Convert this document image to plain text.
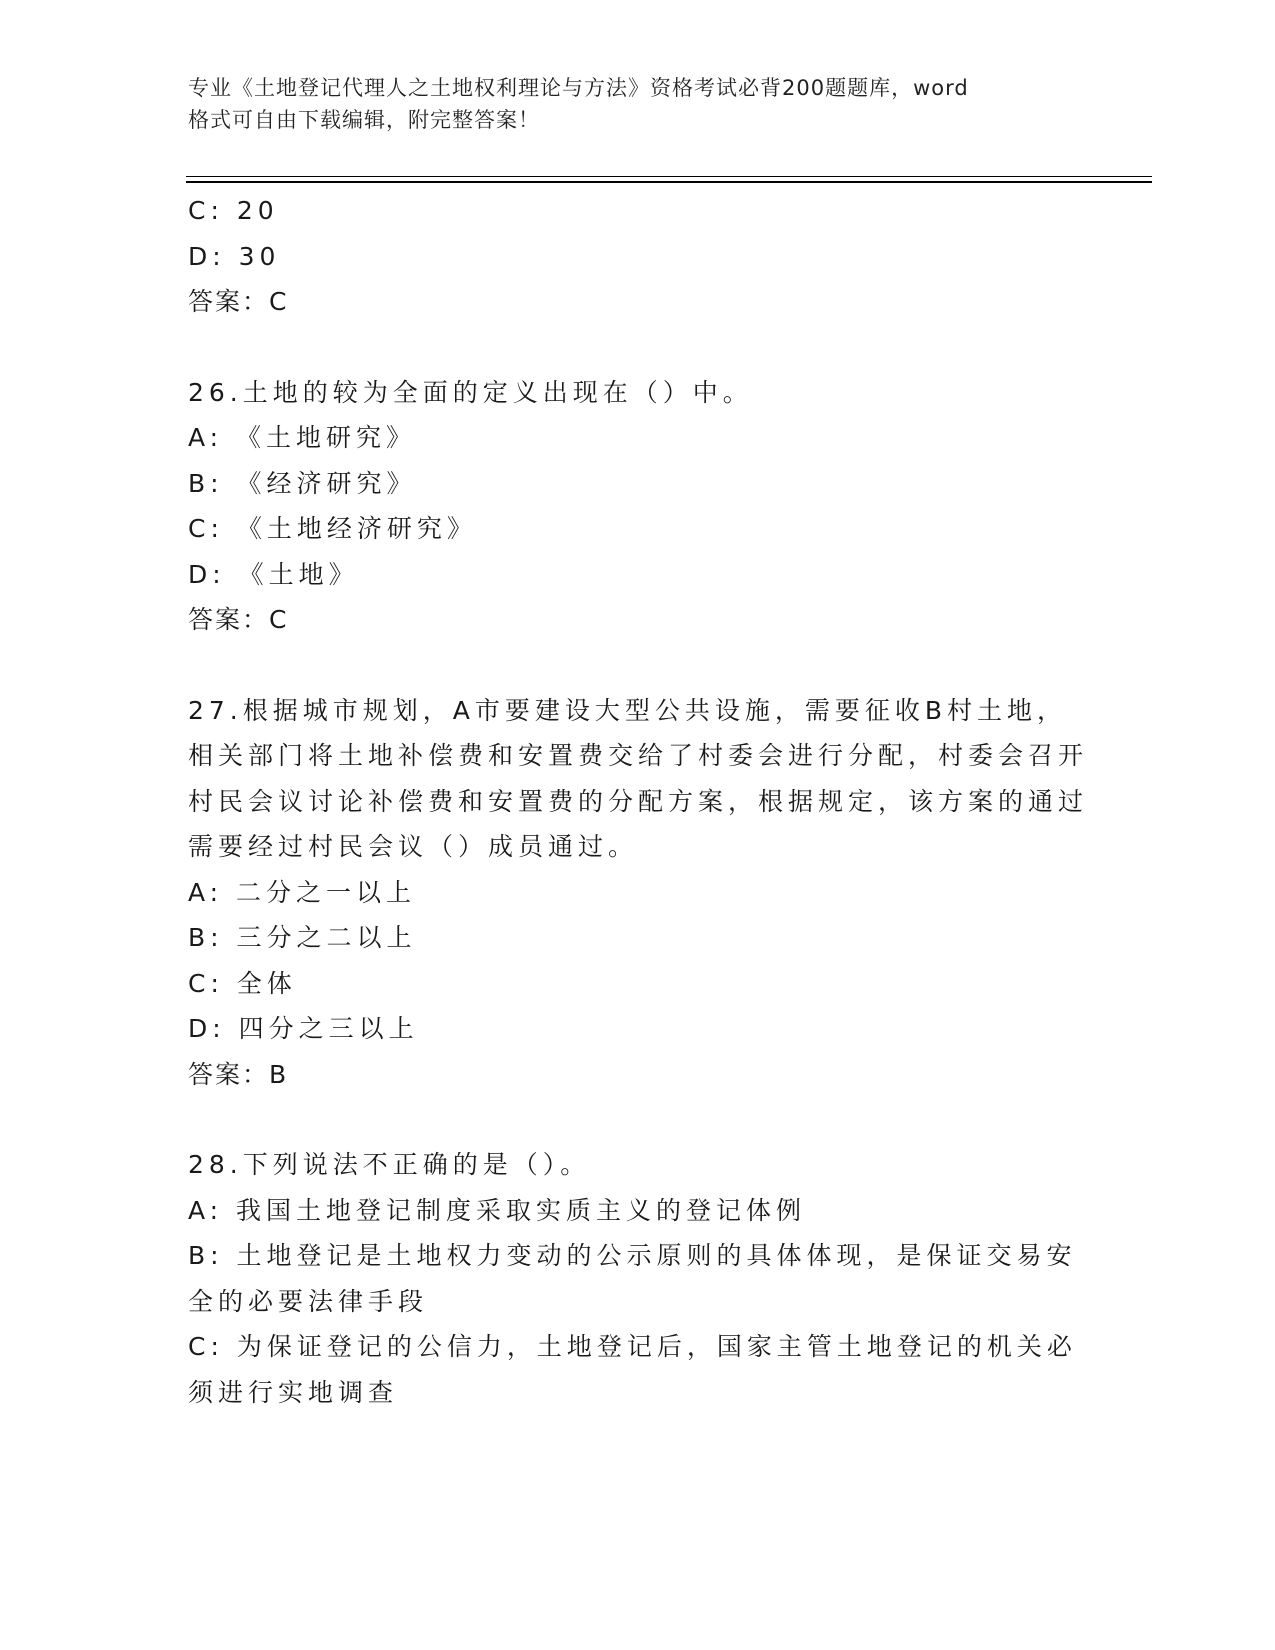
专业《土地登记代理人之土地权利理论与方法》资格考试必背200题题库，word
格式可自由下载编辑，附完整答案！
C: 20
D: 30
答案：C
26.土地的较为全面的定义出现在（）中。
A: 《土地研究》
B: 《经济研究》
C: 《土地经济研究》
D: 《土地》
答案：C
27.根据城市规划，A市要建设大型公共设施，需要征收B村土地，相关部门将土地补偿费和安置费交给了村委会进行分配，村委会召开村民会议讨论补偿费和安置费的分配方案，根据规定，该方案的通过需要经过村民会议（）成员通过。
A: 二分之一以上
B: 三分之二以上
C: 全体
D: 四分之三以上
答案：B
28.下列说法不正确的是（）。
A: 我国土地登记制度采取实质主义的登记体例
B: 土地登记是土地权力变动的公示原则的具体体现，是保证交易安全的必要法律手段
C: 为保证登记的公信力，土地登记后，国家主管土地登记的机关必须进行实地调查
